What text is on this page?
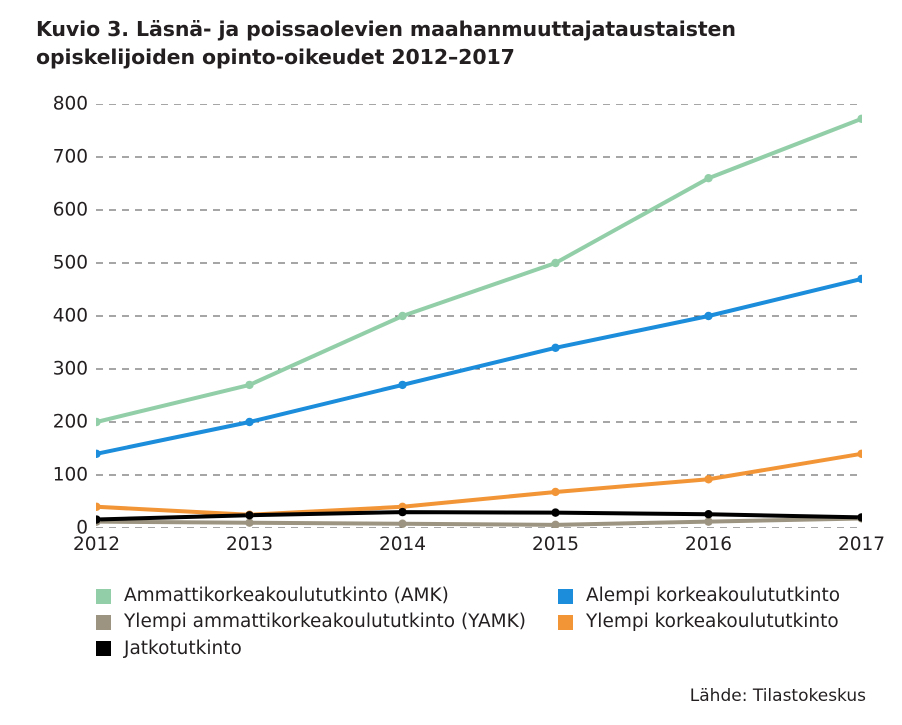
Kuvio 3. Läsnä- ja poissaolevien maahanmuuttajataustaisten opiskelijoiden opinto-oikeudet 2012–2017
0
100
200
300
400
500
600
700
800
2012	2013	2014	2015	2016	2017
Ammattikorkeakoulututkinto (AMK)	Alempi korkeakoulututkinto
Ylempi ammattikorkeakoulututkinto (YAMK)	Ylempi korkeakoulututkinto
Jatkotutkinto
Lähde: Tilastokeskus
